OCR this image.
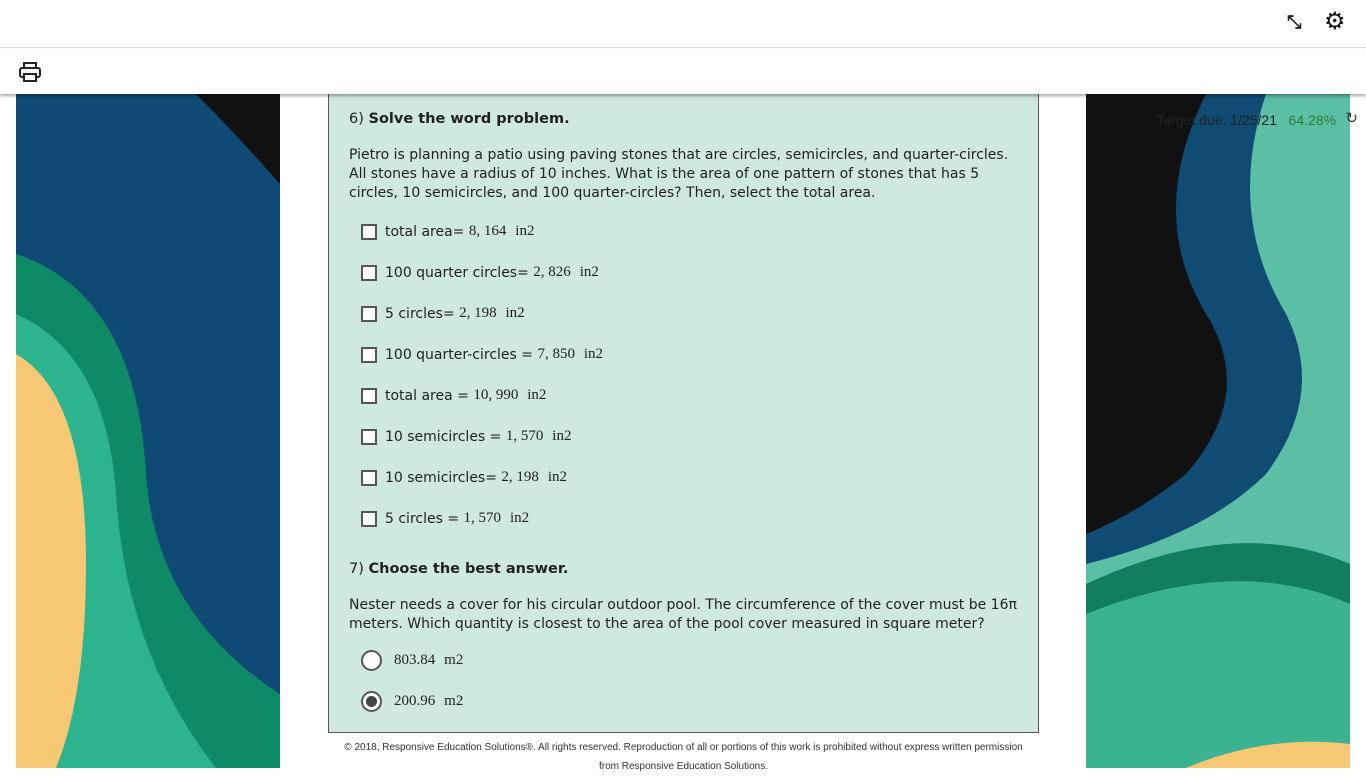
⤡ ⚙
Target due: 1/25/21 64.28% ↻
6) Solve the word problem.
Pietro is planning a patio using paving stones that are circles, semicircles, and quarter-circles. All stones have a radius of 10 inches. What is the area of one pattern of stones that has 5 circles, 10 semicircles, and 100 quarter-circles? Then, select the total area.
total area=
8, 164
in 2
100 quarter circles=
2, 826
in 2
5 circles=
2, 198
in 2
100 quarter-circles =
7, 850
in 2
total area =
10, 990
in 2
10 semicircles =
1, 570
in 2
10 semicircles=
2, 198
in 2
5 circles =
1, 570
in 2
7) Choose the best answer.
Nester needs a cover for his circular outdoor pool. The circumference of the cover must be 16π meters. Which quantity is closest to the area of the pool cover measured in square meter?
803.84
m 2
200.96
m 2
© 2018, Responsive Education Solutions®. All rights reserved. Reproduction of all or portions of this work is prohibited without express written permission
from Responsive Education Solutions.
